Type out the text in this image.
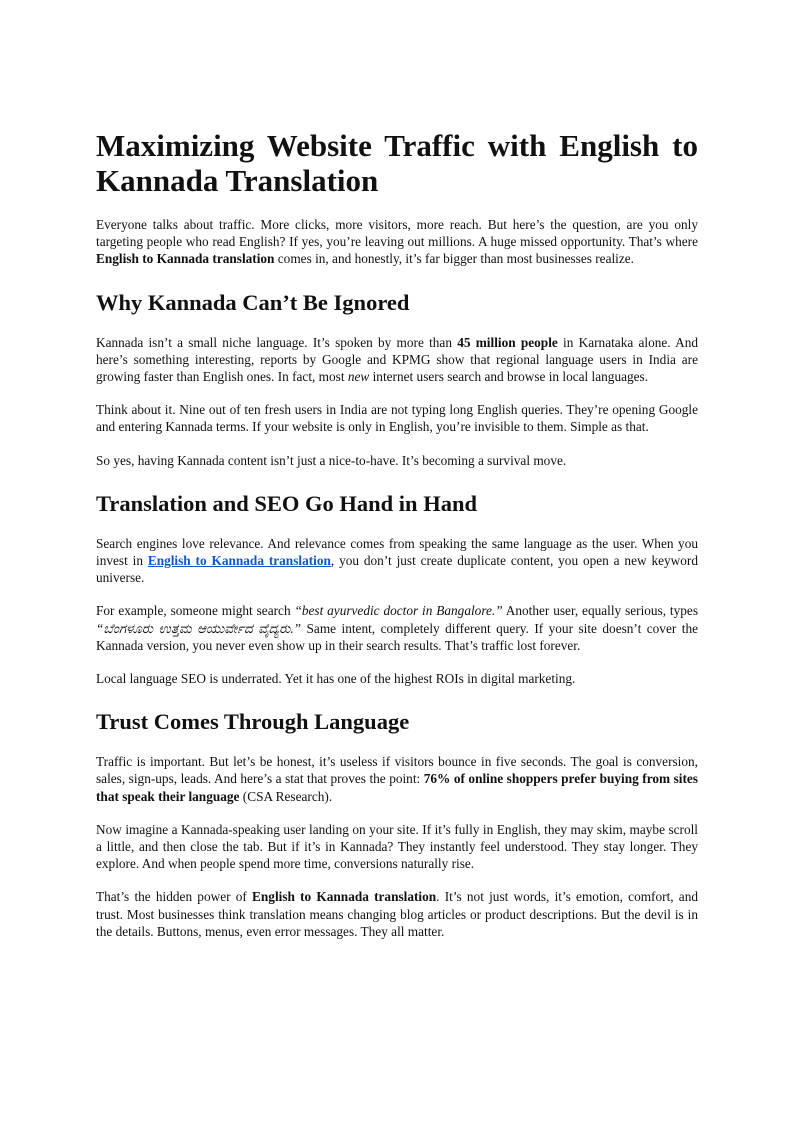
Maximizing Website Traffic with English to Kannada Translation

Everyone talks about traffic. More clicks, more visitors, more reach. But here’s the question, are you only targeting people who read English? If yes, you’re leaving out millions. A huge missed opportunity. That’s where English to Kannada translation comes in, and honestly, it’s far bigger than most businesses realize.

Why Kannada Can’t Be Ignored

Kannada isn’t a small niche language. It’s spoken by more than 45 million people in Karnataka alone. And here’s something interesting, reports by Google and KPMG show that regional language users in India are growing faster than English ones. In fact, most new internet users search and browse in local languages.

Think about it. Nine out of ten fresh users in India are not typing long English queries. They’re opening Google and entering Kannada terms. If your website is only in English, you’re invisible to them. Simple as that.

So yes, having Kannada content isn’t just a nice-to-have. It’s becoming a survival move.

Translation and SEO Go Hand in Hand

Search engines love relevance. And relevance comes from speaking the same language as the user. When you invest in English to Kannada translation, you don’t just create duplicate content, you open a new keyword universe.

For example, someone might search “best ayurvedic doctor in Bangalore.” Another user, equally serious, types “ಬೆಂಗಳೂರು ಉತ್ತಮ ಆಯುರ್ವೇದ ವೈದ್ಯರು.” Same intent, completely different query. If your site doesn’t cover the Kannada version, you never even show up in their search results. That’s traffic lost forever.

Local language SEO is underrated. Yet it has one of the highest ROIs in digital marketing.

Trust Comes Through Language

Traffic is important. But let’s be honest, it’s useless if visitors bounce in five seconds. The goal is conversion, sales, sign-ups, leads. And here’s a stat that proves the point: 76% of online shoppers prefer buying from sites that speak their language (CSA Research).

Now imagine a Kannada-speaking user landing on your site. If it’s fully in English, they may skim, maybe scroll a little, and then close the tab. But if it’s in Kannada? They instantly feel understood. They stay longer. They explore. And when people spend more time, conversions naturally rise.

That’s the hidden power of English to Kannada translation. It’s not just words, it’s emotion, comfort, and trust. Most businesses think translation means changing blog articles or product descriptions. But the devil is in the details. Buttons, menus, even error messages. They all matter.
